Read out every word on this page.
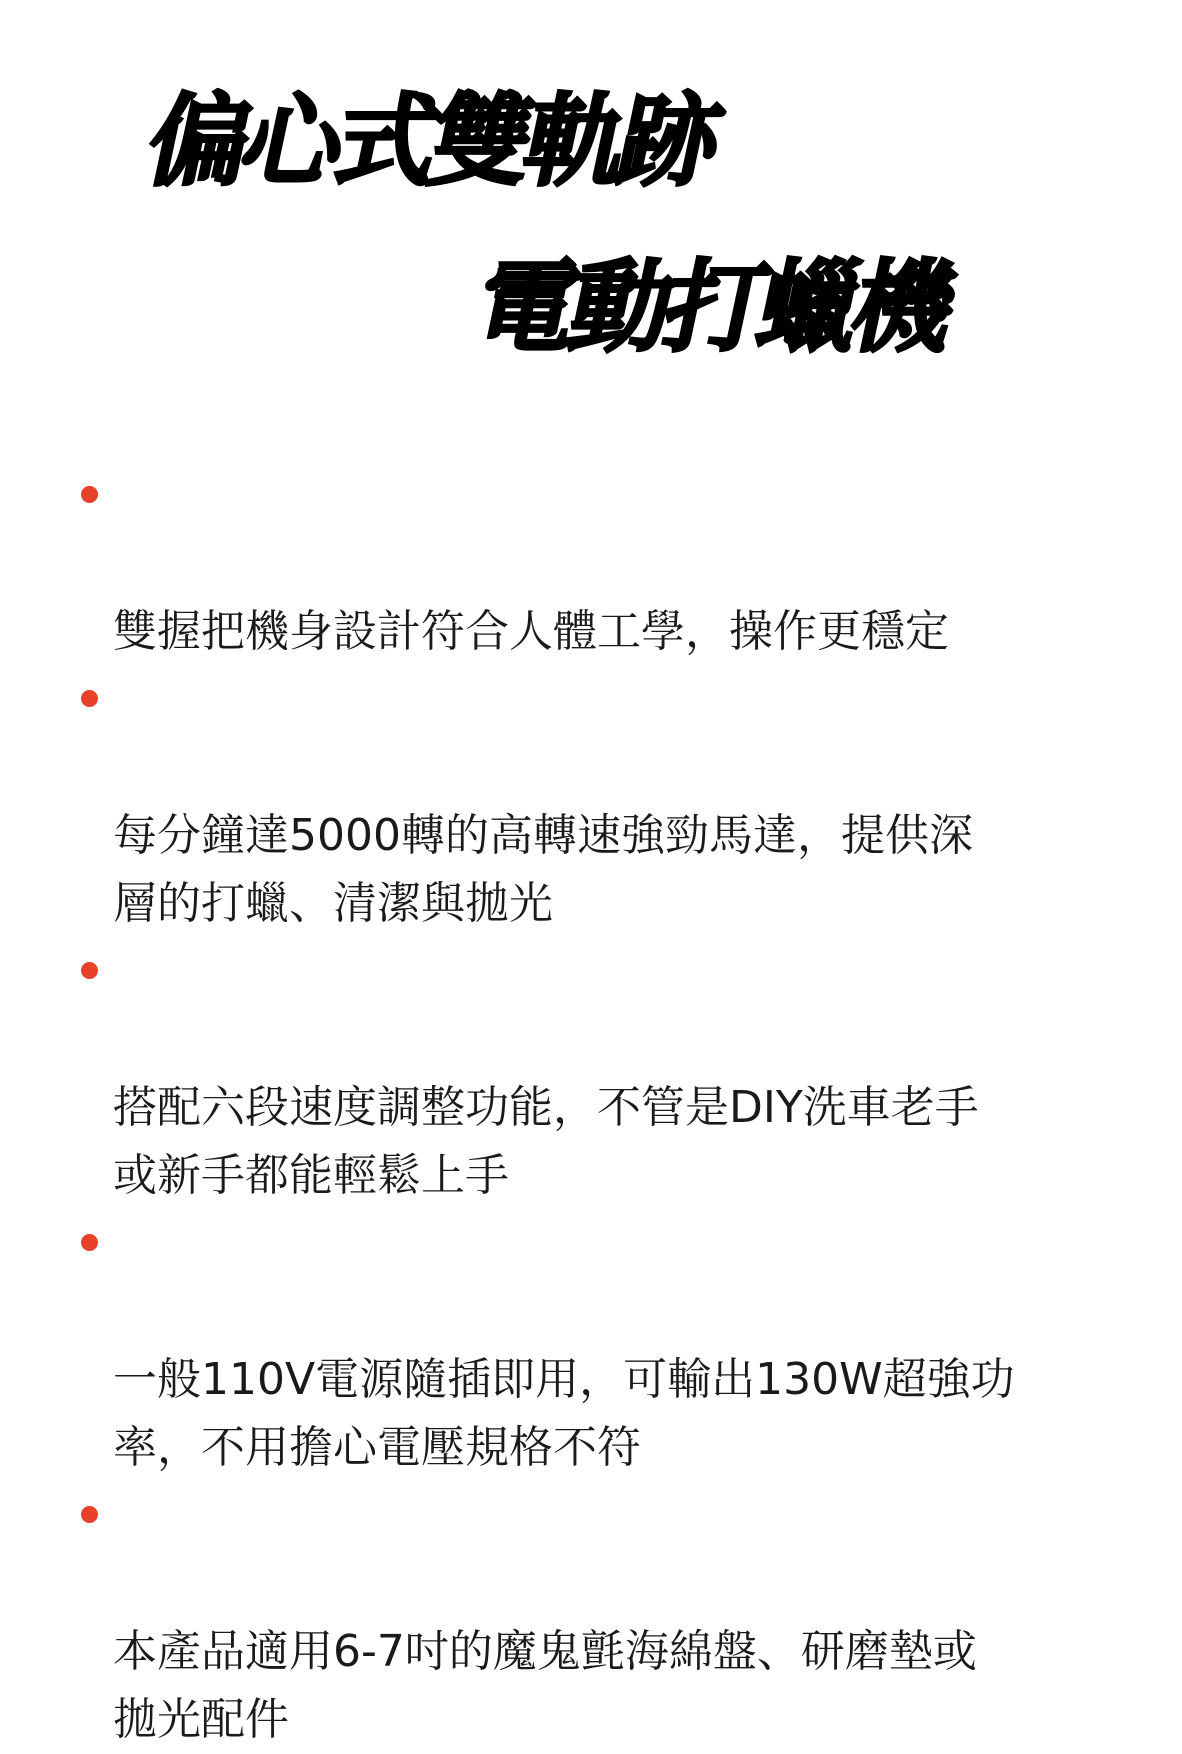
偏心式雙軌跡
電動打蠟機

雙握把機身設計符合人體工學，操作更穩定

每分鐘達5000轉的高轉速強勁馬達，提供深
層的打蠟、清潔與拋光

搭配六段速度調整功能，不管是DIY洗車老手
或新手都能輕鬆上手

一般110V電源隨插即用，可輸出130W超強功
率，不用擔心電壓規格不符

本產品適用6-7吋的魔鬼氈海綿盤、研磨墊或
拋光配件
